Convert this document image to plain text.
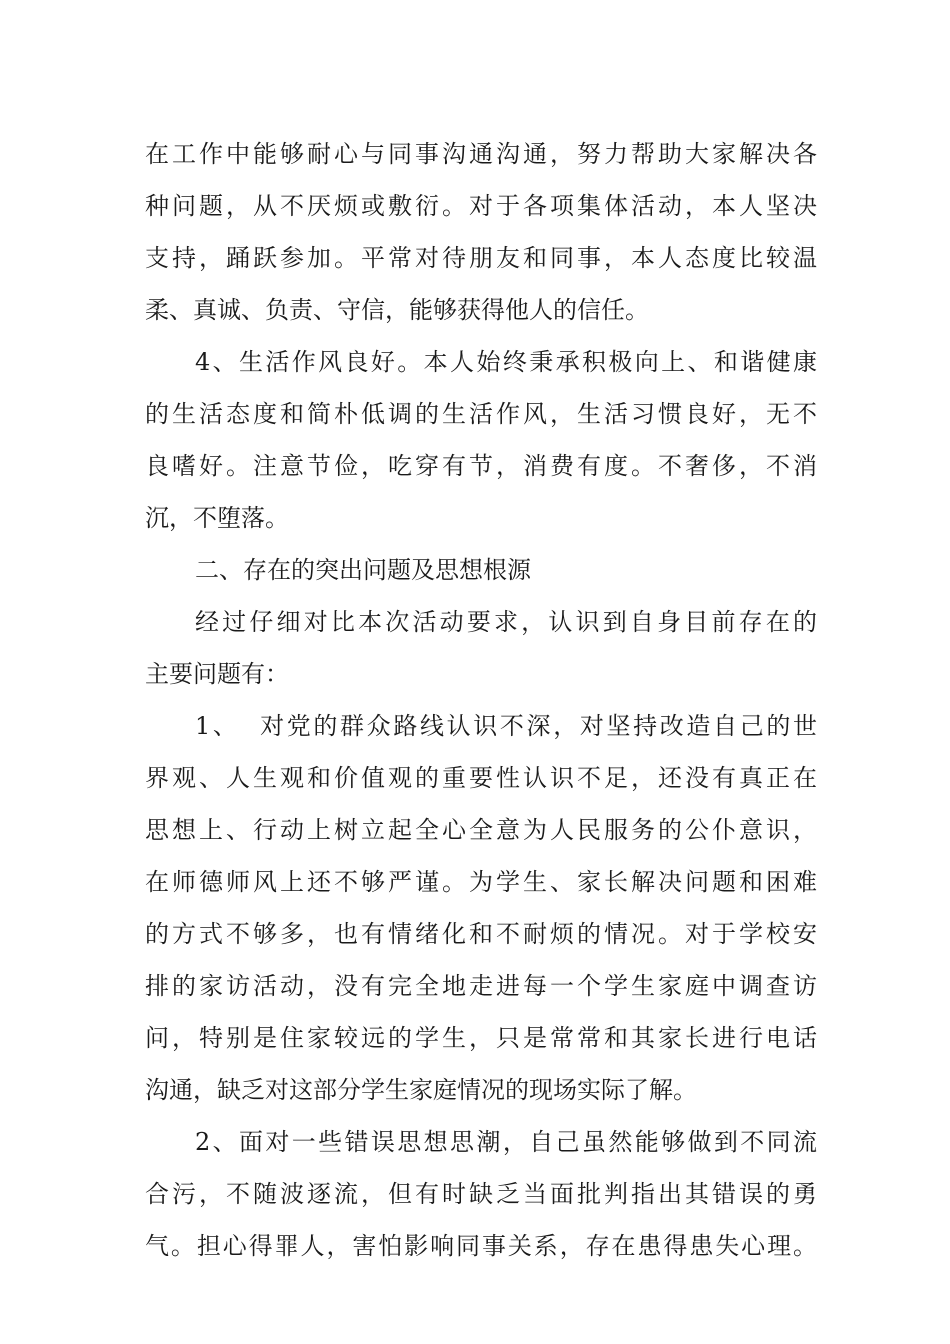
在工作中能够耐心与同事沟通沟通，努力帮助大家解决各
种问题，从不厌烦或敷衍。对于各项集体活动，本人坚决
支持，踊跃参加。平常对待朋友和同事，本人态度比较温
柔、真诚、负责、守信，能够获得他人的信任。
4、生活作风良好。本人始终秉承积极向上、和谐健康
的生活态度和简朴低调的生活作风，生活习惯良好，无不
良嗜好。注意节俭，吃穿有节，消费有度。不奢侈，不消
沉，不堕落。
二、存在的突出问题及思想根源
经过仔细对比本次活动要求，认识到自身目前存在的
主要问题有：
1、  对党的群众路线认识不深，对坚持改造自己的世
界观、人生观和价值观的重要性认识不足，还没有真正在
思想上、行动上树立起全心全意为人民服务的公仆意识，
在师德师风上还不够严谨。为学生、家长解决问题和困难
的方式不够多，也有情绪化和不耐烦的情况。对于学校安
排的家访活动，没有完全地走进每一个学生家庭中调查访
问，特别是住家较远的学生，只是常常和其家长进行电话
沟通，缺乏对这部分学生家庭情况的现场实际了解。
2、面对一些错误思想思潮，自己虽然能够做到不同流
合污，不随波逐流，但有时缺乏当面批判指出其错误的勇
气。担心得罪人，害怕影响同事关系，存在患得患失心理。
